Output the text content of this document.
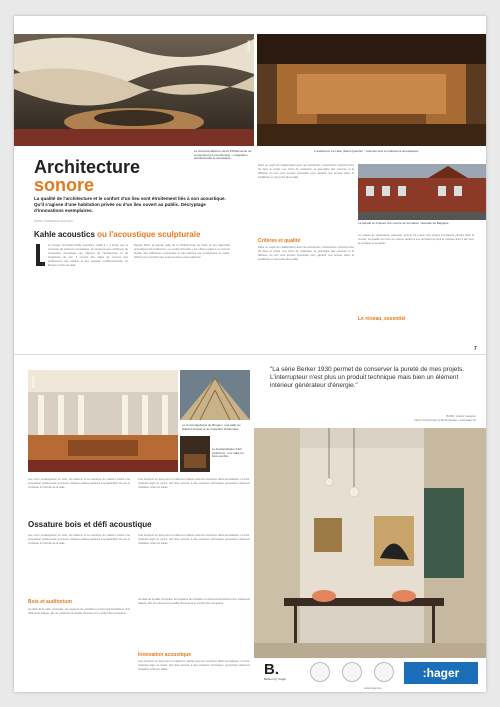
ZOOM
Le Grand Auditorium de la Philharmonie du Luxembourg (Luxembourg) – intégration architecturale et acoustique.
L'auditorium Le Labo (Saint-Quentin) : volumes bois et reflecteurs acoustiques.
Architecture
sonore
La qualité de l'architecture et le confort d'un lieu sont étroitement liés à son acoustique. Qu'il s'agisse d'une habitation privée ou d'un lieu ouvert au public. Décryptage d'innovations exemplaires.
TEXTE : DOMINIQUE SALLOON
Kahle acoustics ou l'acoustique sculpturale
Le bureau bruxellois Kahle Acoustics, établi il y a trente ans et composé de plusieurs consultants, se consacre aux problèmes de conception acoustique qui relèvent de l'architecture et de l'ingénierie du son. Il conçoit des salles de concert, des auditoriums, des studios et des espaces multifonctionnels, en Europe et bien au-delà.
Depuis 2015, la grande salle de la Philharmonie de Paris et ses dispositifs acoustiques font référence. Le confort d'écoute y est obtenu grâce à un volume étudié, des réflecteurs suspendus et des balcons qui enveloppent le public, offrant une proximité rare entre la scène et les auditeurs.
Dans un esprit de collaboration avec les architectes, l'acousticien intervient très tôt dans le projet. Les choix de matériaux, la géométrie des volumes et la diffusion du son sont pensés ensemble pour garantir une écoute claire et équilibrée en tout point de la salle.
La façade en briques d'un centre de formation musicale de Belgique.
Critères et qualité
Dans un esprit de collaboration avec les architectes, l'acousticien intervient très tôt dans le projet. Les choix de matériaux, la géométrie des volumes et la diffusion du son sont pensés ensemble pour garantir une écoute claire et équilibrée en tout point de la salle.
Le réseau, essentiel
Le réseau de partenaires, essentiel, permet de mener des projets complexes partout dans le monde. La qualité d'un lieu se mesure autant à son architecture qu'à la manière dont il fait vivre la musique et la parole.
7
ZOOM
Le Concertgebouw de Bruges : une salle au plafond sculpté et au caractère chaleureux.
Le Festspielhaus d'Erl (Autriche) : une salle en bois sombre.
Les murs enveloppants en bois, les balcons et la courbure du plafond créent une acoustique chaleureuse et précise. Chaque surface participe à la répartition du son et contribue à l'intimité de la salle.
Une structure en bois pour un bâtiment culturel pose de nombreux défis acoustiques. Le bois, matériau léger et vivant, doit être associé à des solutions techniques permettant d'assurer l'isolation entre les salles.
Ossature bois et défi acoustique
Les murs enveloppants en bois, les balcons et la courbure du plafond créent une acoustique chaleureuse et précise. Chaque surface participe à la répartition du son et contribue à l'intimité de la salle.
Une structure en bois pour un bâtiment culturel pose de nombreux défis acoustiques. Le bois, matériau léger et vivant, doit être associé à des solutions techniques permettant d'assurer l'isolation entre les salles.
Bois et auditorium
Au-delà de la salle principale, les espaces de répétition et d'accueil bénéficient d'un traitement adapté, afin de préserver la qualité d'écoute et le confort des occupants.
Au-delà de la salle principale, les espaces de répétition et d'accueil bénéficient d'un traitement adapté, afin de préserver la qualité d'écoute et le confort des occupants.
Innovation acoustique
Une structure en bois pour un bâtiment culturel pose de nombreux défis acoustiques. Le bois, matériau léger et vivant, doit être associé à des solutions techniques permettant d'assurer l'isolation entre les salles.
"La série Berker 1930 permet de conserver la pureté de mes projets. L'interrupteur n'est plus un produit technique mais bien un élément intérieur générateur d'énergie."
BOXR, interior designer
Interior Architecture by Berker Design • www.hager.be
B.
Berker by :hager	:hager
www.hager.be
